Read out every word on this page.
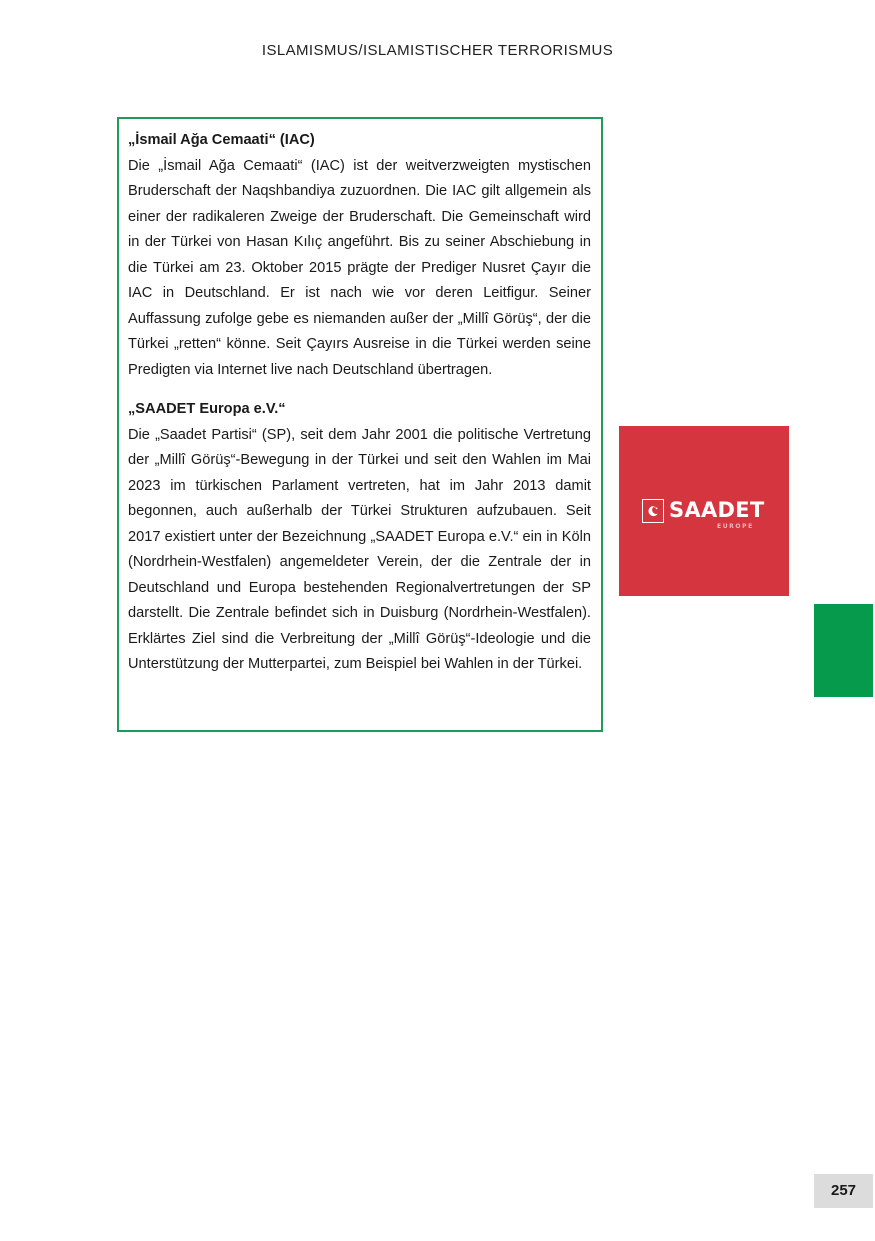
ISLAMISMUS/ISLAMISTISCHER TERRORISMUS

„İsmail Ağa Cemaati“ (IAC)

Die „İsmail Ağa Cemaati“ (IAC) ist der weitverzweigten mystischen Bruderschaft der Naqshbandiya zuzuordnen. Die IAC gilt allgemein als einer der radikaleren Zweige der Bruderschaft. Die Gemeinschaft wird in der Türkei von Hasan Kılıç angeführt. Bis zu seiner Abschiebung in die Türkei am 23. Oktober 2015 prägte der Prediger Nusret Çayır die IAC in Deutschland. Er ist nach wie vor deren Leitfigur. Seiner Auffassung zufolge gebe es niemanden außer der „Millî Görüş“, der die Türkei „retten“ könne. Seit Çayırs Ausreise in die Türkei werden seine Predigten via Internet live nach Deutschland übertragen.

„SAADET Europa e.V.“

Die „Saadet Partisi“ (SP), seit dem Jahr 2001 die politische Vertretung der „Millî Görüş“-Bewegung in der Türkei und seit den Wahlen im Mai 2023 im türkischen Parlament vertreten, hat im Jahr 2013 damit begonnen, auch außerhalb der Türkei Strukturen aufzubauen. Seit 2017 existiert unter der Bezeichnung „SAADET Europa e.V.“ ein in Köln (Nordrhein-Westfalen) angemeldeter Verein, der die Zentrale der in Deutschland und Europa bestehenden Regionalvertretungen der SP darstellt. Die Zentrale befindet sich in Duisburg (Nordrhein-Westfalen). Erklärtes Ziel sind die Verbreitung der „Millî Görüş“-Ideologie und die Unterstützung der Mutterpartei, zum Beispiel bei Wahlen in der Türkei.

SAADET
EUROPE
257
